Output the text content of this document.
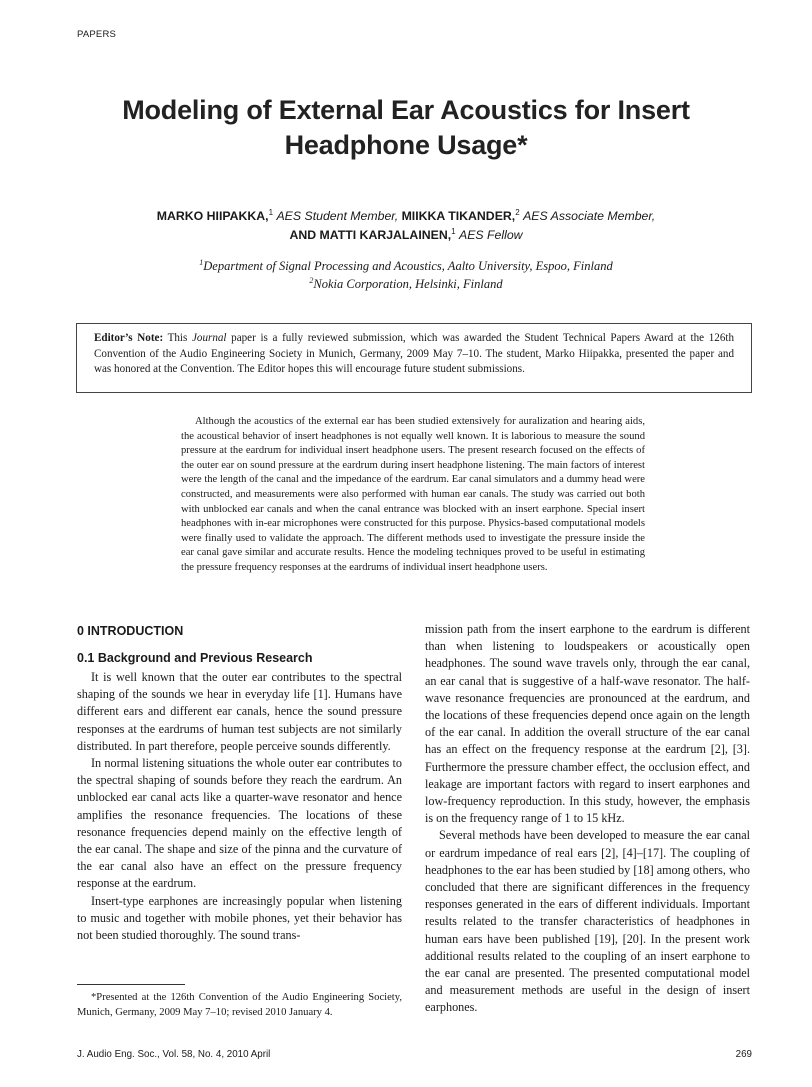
PAPERS
Modeling of External Ear Acoustics for Insert
Headphone Usage*
MARKO HIIPAKKA,$^1$ AES Student Member, MIIKKA TIKANDER,$^2$ AES Associate Member,
AND MATTI KARJALAINEN,$^1$ AES Fellow
$^1$Department of Signal Processing and Acoustics, Aalto University, Espoo, Finland
$^2$Nokia Corporation, Helsinki, Finland
Editor’s Note: This Journal paper is a fully reviewed submission, which was awarded the Student Technical Papers Award at the 126th Convention of the Audio Engineering Society in Munich, Germany, 2009 May 7–10. The student, Marko Hiipakka, presented the paper and was honored at the Convention. The Editor hopes this will encourage future student submissions.

Although the acoustics of the external ear has been studied extensively for auralization and hearing aids, the acoustical behavior of insert headphones is not equally well known. It is laborious to measure the sound pressure at the eardrum for individual insert headphone users. The present research focused on the effects of the outer ear on sound pressure at the eardrum during insert headphone listening. The main factors of interest were the length of the canal and the impedance of the eardrum. Ear canal simulators and a dummy head were constructed, and measurements were also performed with human ear canals. The study was carried out both with unblocked ear canals and when the canal entrance was blocked with an insert earphone. Special insert headphones with in-ear microphones were constructed for this purpose. Physics-based computational models were finally used to validate the approach. The different methods used to investigate the pressure inside the ear canal gave similar and accurate results. Hence the modeling techniques proved to be useful in estimating the pressure frequency responses at the eardrums of individual insert headphone users.

0 INTRODUCTION
0.1 Background and Previous Research

It is well known that the outer ear contributes to the spectral shaping of the sounds we hear in everyday life [1]. Humans have different ears and different ear canals, hence the sound pressure responses at the eardrums of human test subjects are not similarly distributed. In part therefore, people perceive sounds differently.

In normal listening situations the whole outer ear contributes to the spectral shaping of sounds before they reach the eardrum. An unblocked ear canal acts like a quarter-wave resonator and hence amplifies the resonance frequencies. The locations of these resonance frequencies depend mainly on the effective length of the ear canal. The shape and size of the pinna and the curvature of the ear canal also have an effect on the pressure frequency response at the eardrum.

Insert-type earphones are increasingly popular when listening to music and together with mobile phones, yet their behavior has not been studied thoroughly. The sound trans-

mission path from the insert earphone to the eardrum is different than when listening to loudspeakers or acoustically open headphones. The sound wave travels only, through the ear canal, an ear canal that is suggestive of a half-wave resonator. The half-wave resonance frequencies are pronounced at the eardrum, and the locations of these frequencies depend once again on the length of the ear canal. In addition the overall structure of the ear canal has an effect on the frequency response at the eardrum [2], [3]. Furthermore the pressure chamber effect, the occlusion effect, and leakage are important factors with regard to insert earphones and low-frequency reproduction. In this study, however, the emphasis is on the frequency range of 1 to 15 kHz.

Several methods have been developed to measure the ear canal or eardrum impedance of real ears [2], [4]–[17]. The coupling of headphones to the ear has been studied by [18] among others, who concluded that there are significant differences in the frequency responses generated in the ears of different individuals. Important results related to the transfer characteristics of headphones in human ears have been published [19], [20]. In the present work additional results related to the coupling of an insert earphone to the ear canal are presented. The presented computational model and measurement methods are useful in the design of insert earphones.

*Presented at the 126th Convention of the Audio Engineering Society, Munich, Germany, 2009 May 7–10; revised 2010 January 4.

J. Audio Eng. Soc., Vol. 58, No. 4, 2010 April	269
